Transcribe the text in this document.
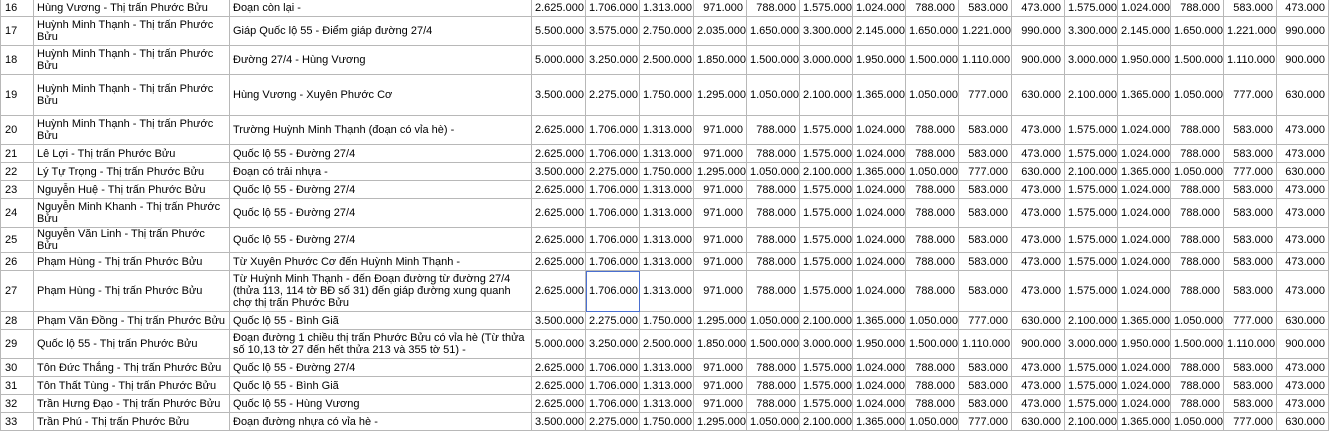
16	Hùng Vương - Thị trấn Phước Bửu	Đoạn còn lại -	2.625.000	1.706.000	1.313.000	971.000	788.000	1.575.000	1.024.000	788.000	583.000	473.000	1.575.000	1.024.000	788.000	583.000	473.000
17	Huỳnh Minh Thạnh - Thị trấn Phước Bửu	Giáp Quốc lộ 55 - Điểm giáp đường 27/4	5.500.000	3.575.000	2.750.000	2.035.000	1.650.000	3.300.000	2.145.000	1.650.000	1.221.000	990.000	3.300.000	2.145.000	1.650.000	1.221.000	990.000
18	Huỳnh Minh Thạnh - Thị trấn Phước Bửu	Đường 27/4 - Hùng Vương	5.000.000	3.250.000	2.500.000	1.850.000	1.500.000	3.000.000	1.950.000	1.500.000	1.110.000	900.000	3.000.000	1.950.000	1.500.000	1.110.000	900.000
19	Huỳnh Minh Thạnh - Thị trấn Phước Bửu	Hùng Vương - Xuyên Phước Cơ	3.500.000	2.275.000	1.750.000	1.295.000	1.050.000	2.100.000	1.365.000	1.050.000	777.000	630.000	2.100.000	1.365.000	1.050.000	777.000	630.000
20	Huỳnh Minh Thạnh - Thị trấn Phước Bửu	Trường Huỳnh Minh Thạnh (đoạn có vỉa hè) -	2.625.000	1.706.000	1.313.000	971.000	788.000	1.575.000	1.024.000	788.000	583.000	473.000	1.575.000	1.024.000	788.000	583.000	473.000
21	Lê Lợi - Thị trấn Phước Bửu	Quốc lộ 55 - Đường 27/4	2.625.000	1.706.000	1.313.000	971.000	788.000	1.575.000	1.024.000	788.000	583.000	473.000	1.575.000	1.024.000	788.000	583.000	473.000
22	Lý Tự Trọng - Thị trấn Phước Bửu	Đoạn có trải nhựa -	3.500.000	2.275.000	1.750.000	1.295.000	1.050.000	2.100.000	1.365.000	1.050.000	777.000	630.000	2.100.000	1.365.000	1.050.000	777.000	630.000
23	Nguyễn Huệ - Thị trấn Phước Bửu	Quốc lộ 55 - Đường 27/4	2.625.000	1.706.000	1.313.000	971.000	788.000	1.575.000	1.024.000	788.000	583.000	473.000	1.575.000	1.024.000	788.000	583.000	473.000
24	Nguyễn Minh Khanh - Thị trấn Phước Bửu	Quốc lộ 55 - Đường 27/4	2.625.000	1.706.000	1.313.000	971.000	788.000	1.575.000	1.024.000	788.000	583.000	473.000	1.575.000	1.024.000	788.000	583.000	473.000
25	Nguyễn Văn Linh - Thị trấn Phước Bửu	Quốc lộ 55 - Đường 27/4	2.625.000	1.706.000	1.313.000	971.000	788.000	1.575.000	1.024.000	788.000	583.000	473.000	1.575.000	1.024.000	788.000	583.000	473.000
26	Phạm Hùng - Thị trấn Phước Bửu	Từ Xuyên Phước Cơ đến Huỳnh Minh Thạnh -	2.625.000	1.706.000	1.313.000	971.000	788.000	1.575.000	1.024.000	788.000	583.000	473.000	1.575.000	1.024.000	788.000	583.000	473.000
27	Phạm Hùng - Thị trấn Phước Bửu	Từ Huỳnh Minh Thạnh - đến Đoạn đường từ đường 27/4 (thửa 113, 114 tờ BĐ số 31) đến giáp đường xung quanh chợ thị trấn Phước Bửu	2.625.000	1.706.000	1.313.000	971.000	788.000	1.575.000	1.024.000	788.000	583.000	473.000	1.575.000	1.024.000	788.000	583.000	473.000
28	Phạm Văn Đồng - Thị trấn Phước Bửu	Quốc lộ 55 - Bình Giã	3.500.000	2.275.000	1.750.000	1.295.000	1.050.000	2.100.000	1.365.000	1.050.000	777.000	630.000	2.100.000	1.365.000	1.050.000	777.000	630.000
29	Quốc lộ 55 - Thị trấn Phước Bửu	Đoạn đường 1 chiều thị trấn Phước Bửu có vỉa hè (Từ thửa số 10,13 tờ 27 đến hết thửa 213 và 355 tờ 51) -	5.000.000	3.250.000	2.500.000	1.850.000	1.500.000	3.000.000	1.950.000	1.500.000	1.110.000	900.000	3.000.000	1.950.000	1.500.000	1.110.000	900.000
30	Tôn Đức Thắng - Thị trấn Phước Bửu	Quốc lộ 55 - Đường 27/4	2.625.000	1.706.000	1.313.000	971.000	788.000	1.575.000	1.024.000	788.000	583.000	473.000	1.575.000	1.024.000	788.000	583.000	473.000
31	Tôn Thất Tùng - Thị trấn Phước Bửu	Quốc lộ 55 - Bình Giã	2.625.000	1.706.000	1.313.000	971.000	788.000	1.575.000	1.024.000	788.000	583.000	473.000	1.575.000	1.024.000	788.000	583.000	473.000
32	Trần Hưng Đạo - Thị trấn Phước Bửu	Quốc lộ 55 - Hùng Vương	2.625.000	1.706.000	1.313.000	971.000	788.000	1.575.000	1.024.000	788.000	583.000	473.000	1.575.000	1.024.000	788.000	583.000	473.000
33	Trần Phú - Thị trấn Phước Bửu	Đoạn đường nhựa có vỉa hè -	3.500.000	2.275.000	1.750.000	1.295.000	1.050.000	2.100.000	1.365.000	1.050.000	777.000	630.000	2.100.000	1.365.000	1.050.000	777.000	630.000
